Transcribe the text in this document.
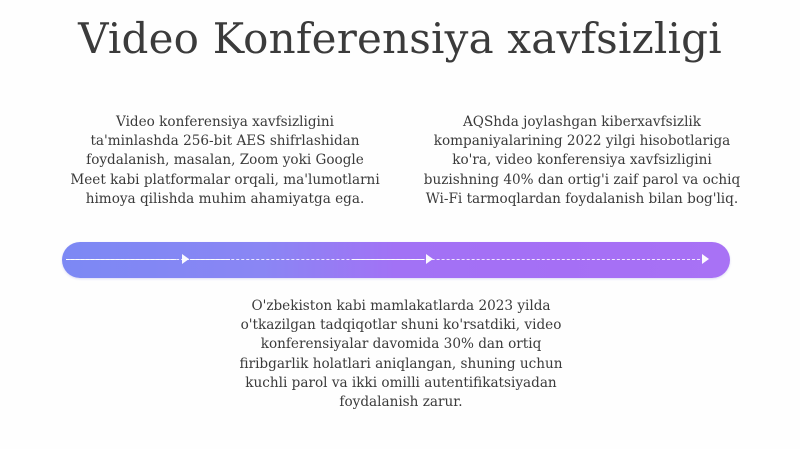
Video Konferensiya xavfsizligi

Video konferensiya xavfsizligini ta'minlashda 256-bit AES shifrlashidan foydalanish, masalan, Zoom yoki Google Meet kabi platformalar orqali, ma'lumotlarni himoya qilishda muhim ahamiyatga ega.

AQShda joylashgan kiberxavfsizlik kompaniyalarining 2022 yilgi hisobotlariga ko'ra, video konferensiya xavfsizligini buzishning 40% dan ortig'i zaif parol va ochiq Wi-Fi tarmoqlardan foydalanish bilan bog'liq.

O'zbekiston kabi mamlakatlarda 2023 yilda o'tkazilgan tadqiqotlar shuni ko'rsatdiki, video konferensiyalar davomida 30% dan ortiq firibgarlik holatlari aniqlangan, shuning uchun kuchli parol va ikki omilli autentifikatsiyadan foydalanish zarur.
